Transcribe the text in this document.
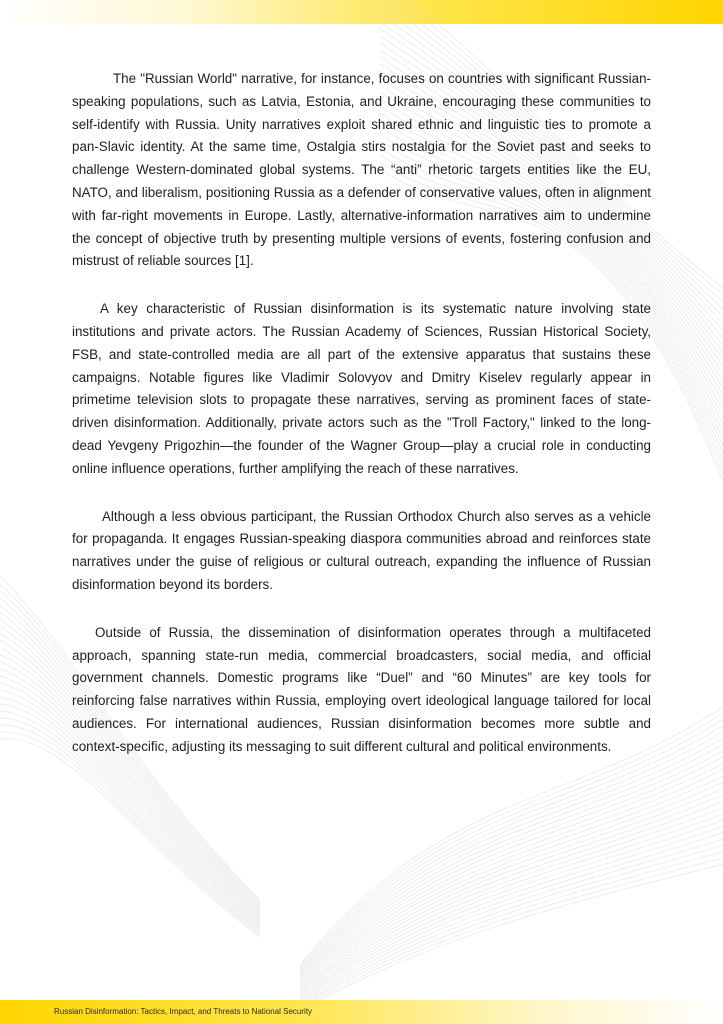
The "Russian World" narrative, for instance, focuses on countries with significant Russian-speaking populations, such as Latvia, Estonia, and Ukraine, encouraging these communities to self-identify with Russia. Unity narratives exploit shared ethnic and linguistic ties to promote a pan-Slavic identity. At the same time, Ostalgia stirs nostalgia for the Soviet past and seeks to challenge Western-dominated global systems. The “anti” rhetoric targets entities like the EU, NATO, and liberalism, positioning Russia as a defender of conservative values, often in alignment with far-right movements in Europe. Lastly, alternative-information narratives aim to undermine the concept of objective truth by presenting multiple versions of events, fostering confusion and mistrust of reliable sources [1].

A key characteristic of Russian disinformation is its systematic nature involving state institutions and private actors. The Russian Academy of Sciences, Russian Historical Society, FSB, and state-controlled media are all part of the extensive apparatus that sustains these campaigns. Notable figures like Vladimir Solovyov and Dmitry Kiselev regularly appear in primetime television slots to propagate these narratives, serving as prominent faces of state-driven disinformation. Additionally, private actors such as the "Troll Factory," linked to the long-dead Yevgeny Prigozhin—the founder of the Wagner Group—play a crucial role in conducting online influence operations, further amplifying the reach of these narratives.

Although a less obvious participant, the Russian Orthodox Church also serves as a vehicle for propaganda. It engages Russian-speaking diaspora communities abroad and reinforces state narratives under the guise of religious or cultural outreach, expanding the influence of Russian disinformation beyond its borders.

Outside of Russia, the dissemination of disinformation operates through a multifaceted approach, spanning state-run media, commercial broadcasters, social media, and official government channels. Domestic programs like “Duel” and “60 Minutes” are key tools for reinforcing false narratives within Russia, employing overt ideological language tailored for local audiences. For international audiences, Russian disinformation becomes more subtle and context-specific, adjusting its messaging to suit different cultural and political environments.

Russian Disinformation: Tactics, Impact, and Threats to National Security
